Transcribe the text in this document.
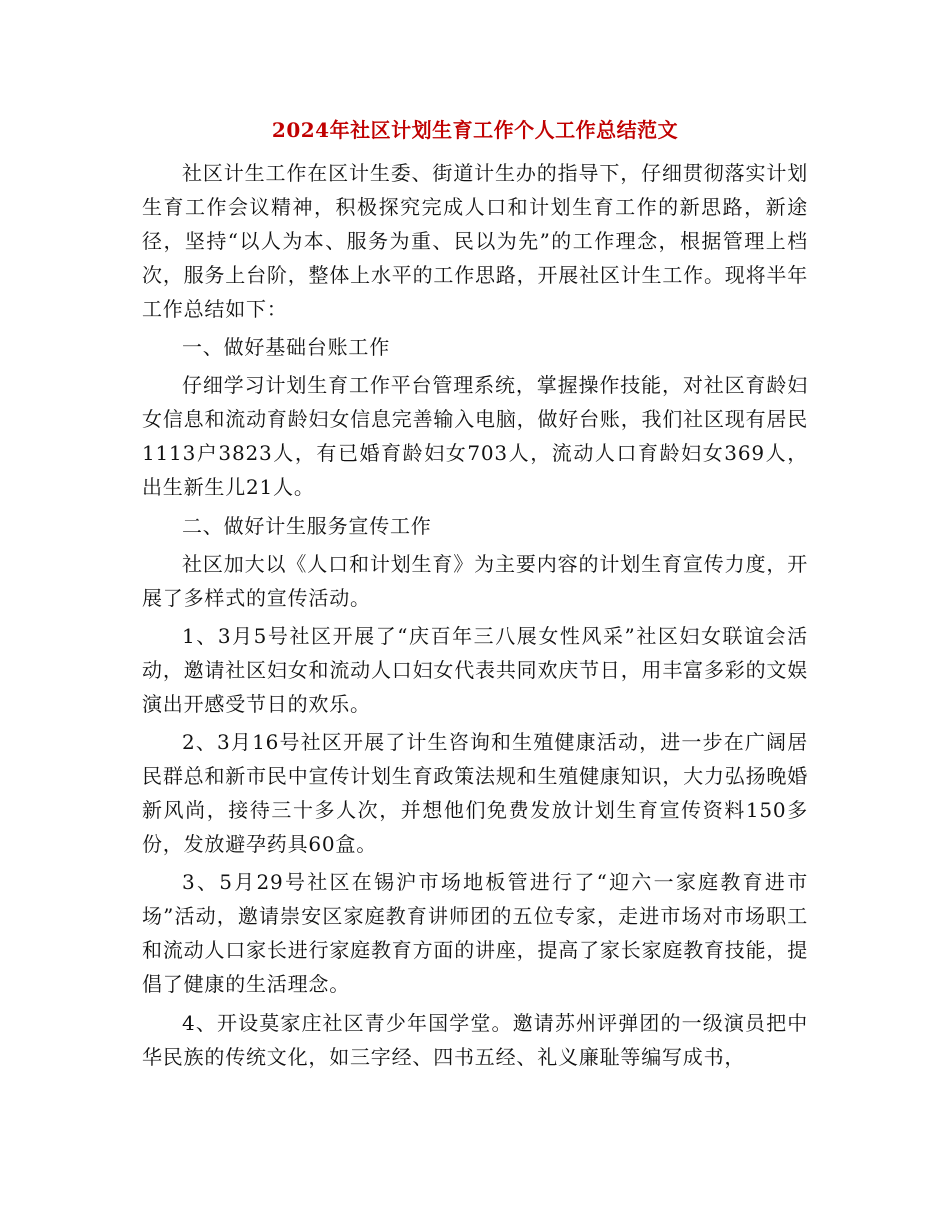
2024年社区计划生育工作个人工作总结范文

社区计生工作在区计生委、街道计生办的指导下，仔细贯彻落实计划生育工作会议精神，积极探究完成人口和计划生育工作的新思路，新途径，坚持“以人为本、服务为重、民以为先”的工作理念，根据管理上档次，服务上台阶，整体上水平的工作思路，开展社区计生工作。现将半年工作总结如下：

一、做好基础台账工作

仔细学习计划生育工作平台管理系统，掌握操作技能，对社区育龄妇女信息和流动育龄妇女信息完善输入电脑，做好台账，我们社区现有居民1113户3823人，有已婚育龄妇女703人，流动人口育龄妇女369人，出生新生儿21人。

二、做好计生服务宣传工作

社区加大以《人口和计划生育》为主要内容的计划生育宣传力度，开展了多样式的宣传活动。

1、3月5号社区开展了“庆百年三八展女性风采”社区妇女联谊会活动，邀请社区妇女和流动人口妇女代表共同欢庆节日，用丰富多彩的文娱演出开感受节日的欢乐。

2、3月16号社区开展了计生咨询和生殖健康活动，进一步在广阔居民群总和新市民中宣传计划生育政策法规和生殖健康知识，大力弘扬晚婚新风尚，接待三十多人次，并想他们免费发放计划生育宣传资料150多份，发放避孕药具60盒。

3、5月29号社区在锡沪市场地板管进行了“迎六一家庭教育进市场”活动，邀请崇安区家庭教育讲师团的五位专家，走进市场对市场职工和流动人口家长进行家庭教育方面的讲座，提高了家长家庭教育技能，提倡了健康的生活理念。

4、开设莫家庄社区青少年国学堂。邀请苏州评弹团的一级演员把中华民族的传统文化，如三字经、四书五经、礼义廉耻等编写成书，
